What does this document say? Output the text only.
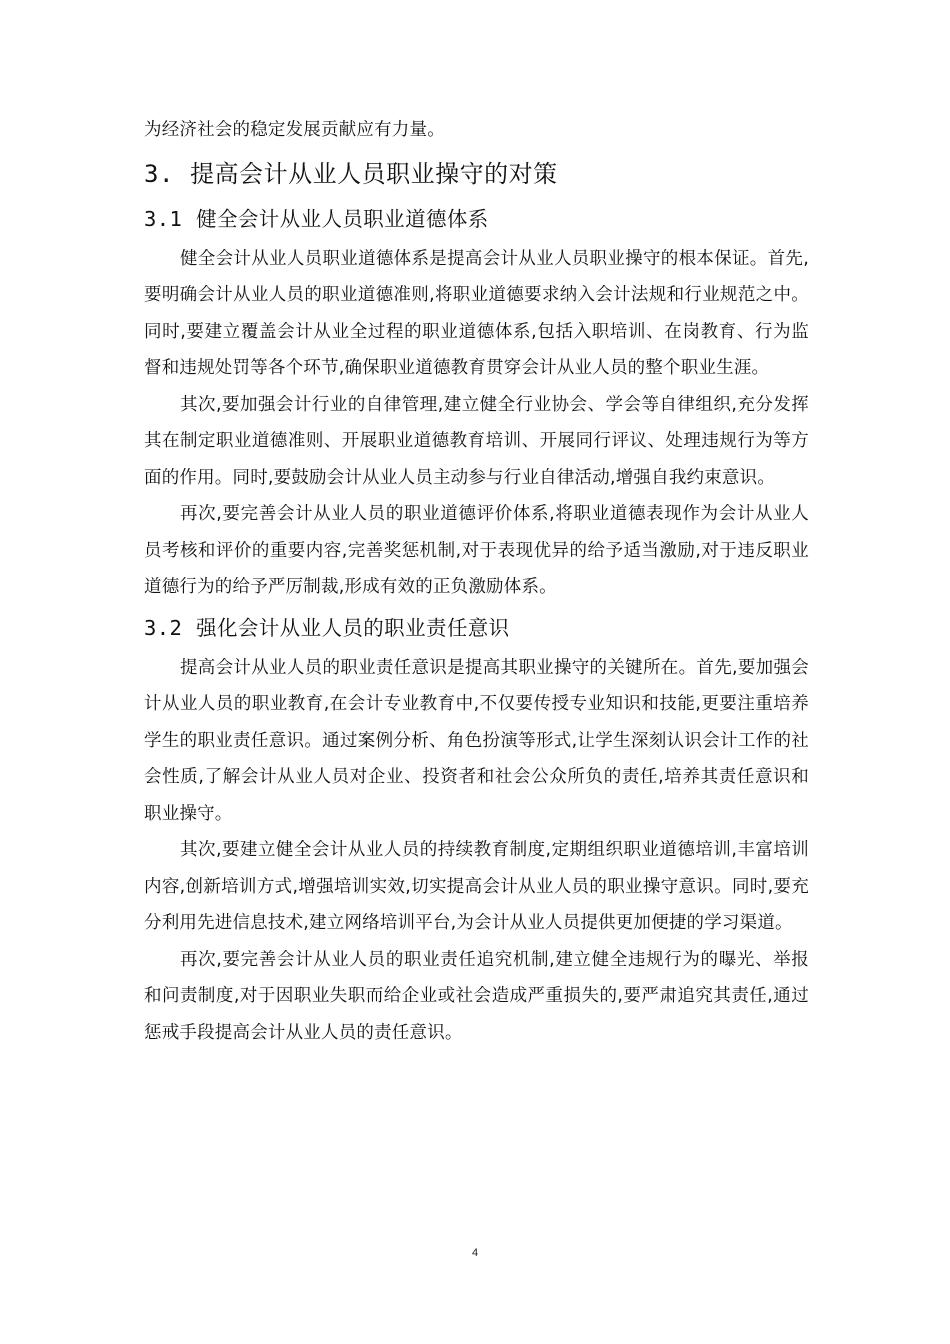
为经济社会的稳定发展贡献应有力量。

3. 提高会计从业人员职业操守的对策
3.1 健全会计从业人员职业道德体系

健全会计从业人员职业道德体系是提高会计从业人员职业操守的根本保证。首先,要明确会计从业人员的职业道德准则,将职业道德要求纳入会计法规和行业规范之中。同时,要建立覆盖会计从业全过程的职业道德体系,包括入职培训、在岗教育、行为监督和违规处罚等各个环节,确保职业道德教育贯穿会计从业人员的整个职业生涯。

其次,要加强会计行业的自律管理,建立健全行业协会、学会等自律组织,充分发挥其在制定职业道德准则、开展职业道德教育培训、开展同行评议、处理违规行为等方面的作用。同时,要鼓励会计从业人员主动参与行业自律活动,增强自我约束意识。

再次,要完善会计从业人员的职业道德评价体系,将职业道德表现作为会计从业人员考核和评价的重要内容,完善奖惩机制,对于表现优异的给予适当激励,对于违反职业道德行为的给予严厉制裁,形成有效的正负激励体系。

3.2 强化会计从业人员的职业责任意识

提高会计从业人员的职业责任意识是提高其职业操守的关键所在。首先,要加强会计从业人员的职业教育,在会计专业教育中,不仅要传授专业知识和技能,更要注重培养学生的职业责任意识。通过案例分析、角色扮演等形式,让学生深刻认识会计工作的社会性质,了解会计从业人员对企业、投资者和社会公众所负的责任,培养其责任意识和职业操守。

其次,要建立健全会计从业人员的持续教育制度,定期组织职业道德培训,丰富培训内容,创新培训方式,增强培训实效,切实提高会计从业人员的职业操守意识。同时,要充分利用先进信息技术,建立网络培训平台,为会计从业人员提供更加便捷的学习渠道。

再次,要完善会计从业人员的职业责任追究机制,建立健全违规行为的曝光、举报和问责制度,对于因职业失职而给企业或社会造成严重损失的,要严肃追究其责任,通过惩戒手段提高会计从业人员的责任意识。

4
